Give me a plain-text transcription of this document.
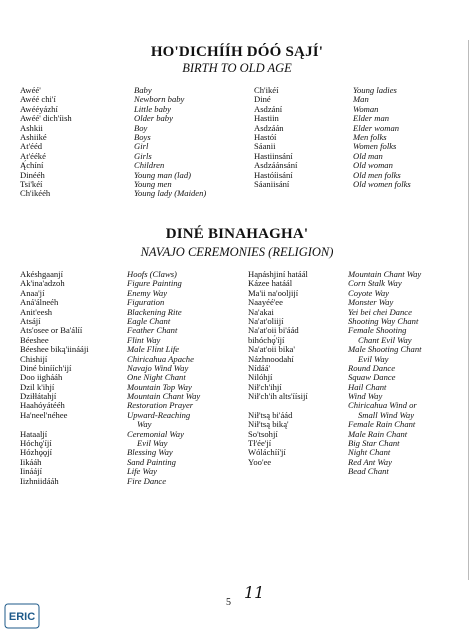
HO'DICHÍÍH DÓÓ SĄJÍ'
BIRTH TO OLD AGE
Awéé'
Awéé chi'í
Awééyázhí
Awéé' dich'íish
Ashkii
Ashiiké
At'ééd
At'ééké
Ą́chíní
Dinééh
Tsi'kéí
Ch'ikééh
Baby
Newborn baby
Little baby
Older baby
Boy
Boys
Girl
Girls
Children
Young man (lad)
Young men
Young lady (Maiden)
Ch'ikéí
Diné
Asdzání
Hastiin
Asdzáán
Hastóí
Sáanii
Hastiinsání
Asdzáánsání
Hastóíisání
Sáaniisání
Young ladies
Man
Woman
Elder man
Elder woman
Men folks
Women folks
Old man
Old woman
Old men folks
Old women folks
DINÉ BINAHAGHA'
NAVAJO CEREMONIES (RELIGION)
Akéshgaanjí
Ak'ina'adzoh
Anaa'jí
Aná'álneéh
Anit'eesh
Atsájí
Ats'osee or Ba'álíí
Béeshee
Béeshee biką'iinááji
Chishijí
Diné biníích'ijí
Doo iighááh
Dzil k'ihjí
Dziłłátahjí
Haahóyátééh
Ha'neel'néhee
Hataaljí
Hóchǫ́'íjí
Hózhǫ́ǫjí
Iikááh
Iináájí
Iizhniidááh
Hoofs (Claws)
Figure Painting
Enemy Way
Figuration
Blackening Rite
Eagle Chant
Feather Chant
Flint Way
Male Flint Life
Chiricahua Apache
Navajo Wind Way
One Night Chant
Mountain Top Way
Mountain Chant Way
Restoration Prayer
Upward-Reaching
Way
Ceremonial Way
Evil Way
Blessing Way
Sand Painting
Life Way
Fire Dance
Ha̧náshjiní hatáál
Kázee hatáál
Ma'ii na'ooljijí
Naayéé'ee
Na'akai
Na'at'oliijí
Na'at'oii bi'áád
bihóchǫ́'íjí
Na'at'oii bika'
Názhnoodahí
Nídáá'
Nilóhjí
Nił'ch'ihjí
Nił'ch'ih alts'íísijí
Nił'tsą bi'áád
Nił'tsą biką'
So'tsohjí
Tł'ée'jí
Wóláchíí'jí
Yoo'ee
Mountain Chant Way
Corn Stalk Way
Coyote Way
Monster Way
Yei bei chei Dance
Shooting Way Chant
Female Shooting
Chant Evil Way
Male Shooting Chant
Evil Way
Round Dance
Squaw Dance
Hail Chant
Wind Way
Chiricahua Wind or
Small Wind Way
Female Rain Chant
Male Rain Chant
Big Star Chant
Night Chant
Red Ant Way
Bead Chant
11
5
ERIC
